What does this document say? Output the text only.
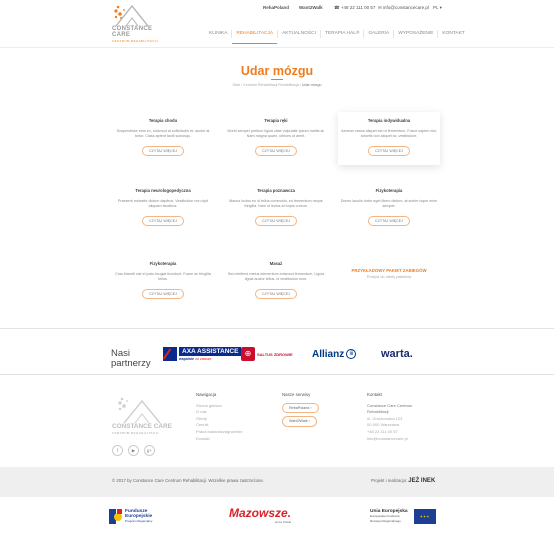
CONSTANCE CARE
CENTRUM REHABILITACJI
RehaPoland Want2Walk	☎ +48 22 111 00 57 ✉ info@constancecare.pl PL ▾
KLINIKA	REHABILITACJA	AKTUALNOŚCI	TERAPIA HAL®	GALERIA	WYPOSAŻENIE	KONTAKT
Udar mózgu
Start / Centrum Rehabilitacji Rehabilitacja / Udar mózgu
Terapia chodu

Suspendisse eros ex, euismod at sollicitudin et, auctor at tortor. Class aptent taciti sociosqu.

CZYTAJ WIĘCEJ
Terapia ręki

Morbi semper pretium ligula vitae vulputate ipsum mattis at. Nam magna quam, ultrices ut amet.

CZYTAJ WIĘCEJ
Terapia indywidualna

Aenean varius aliquet est ut fermentum. Fusce sapien nisi, lobortis non aliquet ac, vestibulum.

CZYTAJ WIĘCEJ
Terapia neurologopedyczna

Praesent molestie dictum dapibus. Vestibulum non cipit aliquam faucibus.

CZYTAJ WIĘCEJ
Terapia poznawcza

Mauris luctus eu id tellus commodo, eu fermentum neque fringilla. Nam id lectus at turpis cursus.

CZYTAJ WIĘCEJ
Fizykoterapia

Donec iaculis tortor eget libero dictum, at sceler isque enim semper.

CZYTAJ WIĘCEJ
Fizykoterapia

Cras blandit nisl et justo feugiat tincidunt. Fusce ac fringilla tellus.

CZYTAJ WIĘCEJ
Masaż

Sed eleifend metus elementum euismod fermentum. Ligula ligula auctor tellus, id vestibulum eros.

CZYTAJ WIĘCEJ
PRZYKŁADOWY PAKIET ZABIEGÓW
Przejdź do oferty pakietów
Nasi partnerzy
AXA ASSISTANCE
wspólnie od zawsze
⊕	SALTUS ZDROWIE Allianz ⅲ	warta.
CONSTANCE CARE
CENTRUM REHABILITACJI
f	▶	g+
Nawigacja
Strona główna
O nas
Oferty
Cennik
Praca badania/zagrożenie
Kontakt
Nasze serwisy
RehaPoland ›
Want2Walk ›
Kontakt
Constance Care Centrum
Rehabilitacji
ul. Grochowska 123
00-000 Warszawa
+48 22 111 00 57
info@constancecare.pl
© 2017 by Constance Care Centrum Rehabilitacji. Wszelkie prawa zastrzeżone.	Projekt i realizacja: JEŻ INEK
Fundusze
Europejskie
Program Regionalny
Mazowsze.
serce Polski
Unia Europejska
Europejskie Fundusze
Rozwoju Regionalnego
✦✦✦
